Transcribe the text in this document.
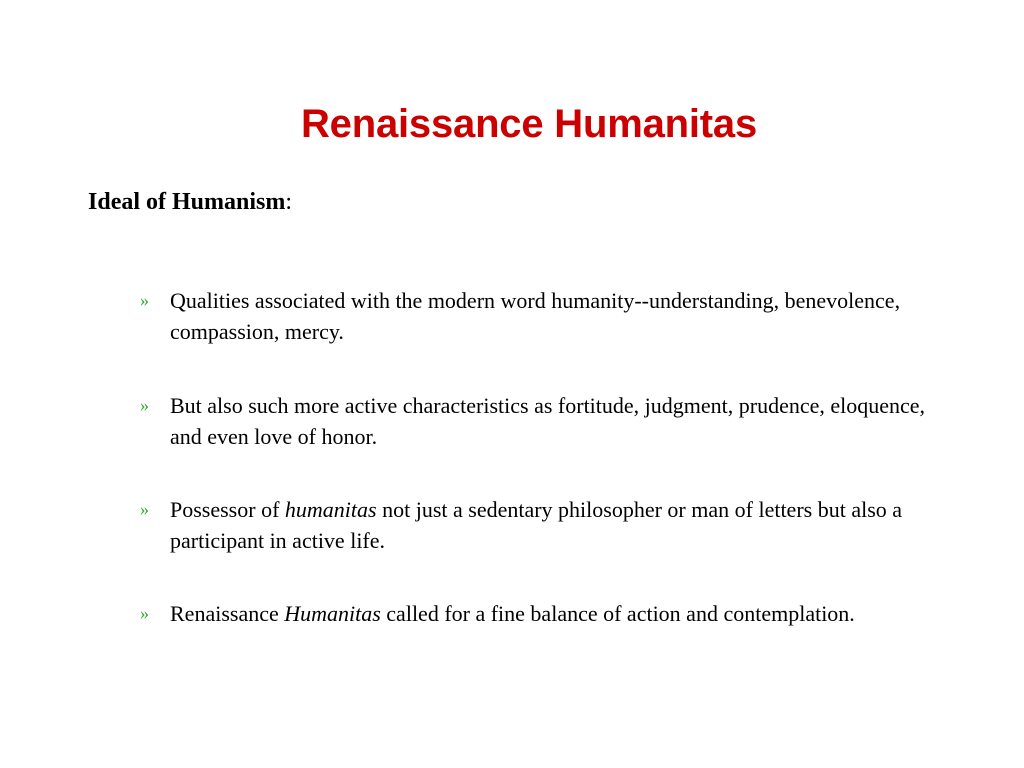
Renaissance Humanitas

Ideal of Humanism:

» Qualities associated with the modern word humanity--understanding, benevolence, compassion, mercy.
» But also such more active characteristics as fortitude, judgment, prudence, eloquence, and even love of honor.
» Possessor of humanitas not just a sedentary philosopher or man of letters but also a participant in active life.
» Renaissance Humanitas called for a fine balance of action and contemplation.
